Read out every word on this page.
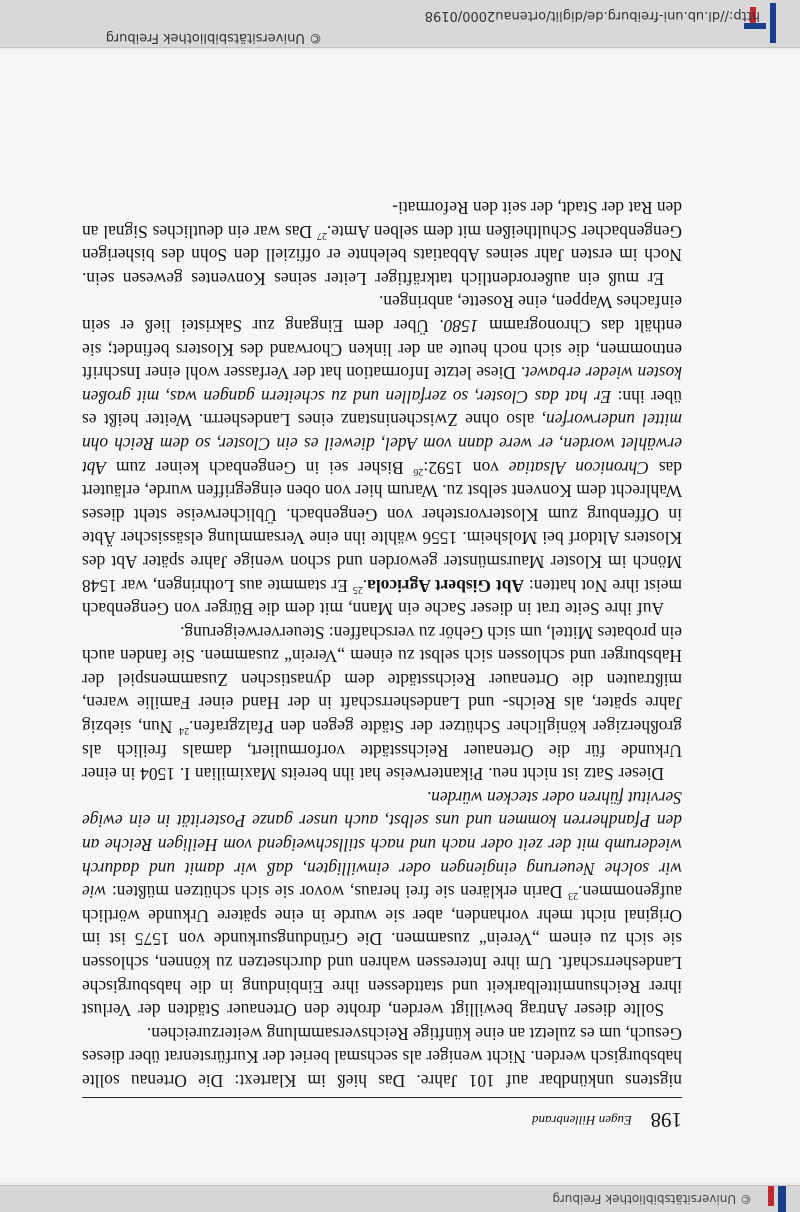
© Universitätsbibliothek Freiburg
198
Eugen Hillenbrand

nigstens unkündbar auf 101 Jahre. Das hieß im Klartext: Die Ortenau sollte habsburgisch werden. Nicht weniger als sechsmal beriet der Kurfürstenrat über dieses Gesuch, um es zuletzt an eine künftige Reichsversammlung weiterzureichen.

Sollte dieser Antrag bewilligt werden, drohte den Ortenauer Städten der Verlust ihrer Reichsunmittelbarkeit und stattdessen ihre Einbindung in die habsburgische Landesherrschaft. Um ihre Interessen wahren und durchsetzen zu können, schlossen sie sich zu einem „Verein“ zusammen. Die Gründungsurkunde von 1575 ist im Original nicht mehr vorhanden, aber sie wurde in eine spätere Urkunde wörtlich aufgenommen.$^{23}$ Darin erklären sie frei heraus, wovor sie sich schützen müßten: wie wir solche Neuerung eingiengen oder einwilligten, daß wir damit und dadurch wiederumb mit der zeit oder nach und nach stillschweigend vom Heiligen Reiche an den Pfandherren kommen und uns selbst, auch unser ganze Posterität in ein ewige Servitut führen oder stecken würden.

Dieser Satz ist nicht neu. Pikanterweise hat ihn bereits Maximilian I. 1504 in einer Urkunde für die Ortenauer Reichsstädte vorformuliert, damals freilich als großherziger königlicher Schützer der Städte gegen den Pfalzgrafen.$^{24}$ Nun, siebzig Jahre später, als Reichs- und Landesherrschaft in der Hand einer Familie waren, mißtrauten die Ortenauer Reichsstädte dem dynastischen Zusammenspiel der Habsburger und schlossen sich selbst zu einem „Verein“ zusammen. Sie fanden auch ein probates Mittel, um sich Gehör zu verschaffen: Steuerverweigerung.

Auf ihre Seite trat in dieser Sache ein Mann, mit dem die Bürger von Gengenbach meist ihre Not hatten: Abt Gisbert Agricola.$^{25}$ Er stammte aus Lothringen, war 1548 Mönch im Kloster Maursmünster geworden und schon wenige Jahre später Abt des Klosters Altdorf bei Molsheim. 1556 wählte ihn eine Versammlung elsässischer Äbte in Offenburg zum Klostervorsteher von Gengenbach. Üblicherweise steht dieses Wahlrecht dem Konvent selbst zu. Warum hier von oben eingegriffen wurde, erläutert das Chronicon Alsatiae von 1592:$^{26}$ Bisher sei in Gengenbach keiner zum Abt erwählet worden, er were dann vom Adel, dieweil es ein Closter, so dem Reich ohn mittel underworfen, also ohne Zwischeninstanz eines Landesherrn. Weiter heißt es über ihn: Er hat das Closter, so zerfallen und zu scheitern gangen was, mit großen kosten wieder erbawet. Diese letzte Information hat der Verfasser wohl einer Inschrift entnommen, die sich noch heute an der linken Chorwand des Klosters befindet; sie enthält das Chronogramm 1580. Über dem Eingang zur Sakristei ließ er sein einfaches Wappen, eine Rosette, anbringen.

Er muß ein außerordentlich tatkräftiger Leiter seines Konventes gewesen sein. Noch im ersten Jahr seines Abbatiats belehnte er offiziell den Sohn des bisherigen Gengenbacher Schultheißen mit dem selben Amte.$^{27}$ Das war ein deutliches Signal an den Rat der Stadt, der seit den Reformati-

© Universitätsbibliothek Freiburg
http://dl.ub.uni-freiburg.de/diglit/ortenau2000/0198
